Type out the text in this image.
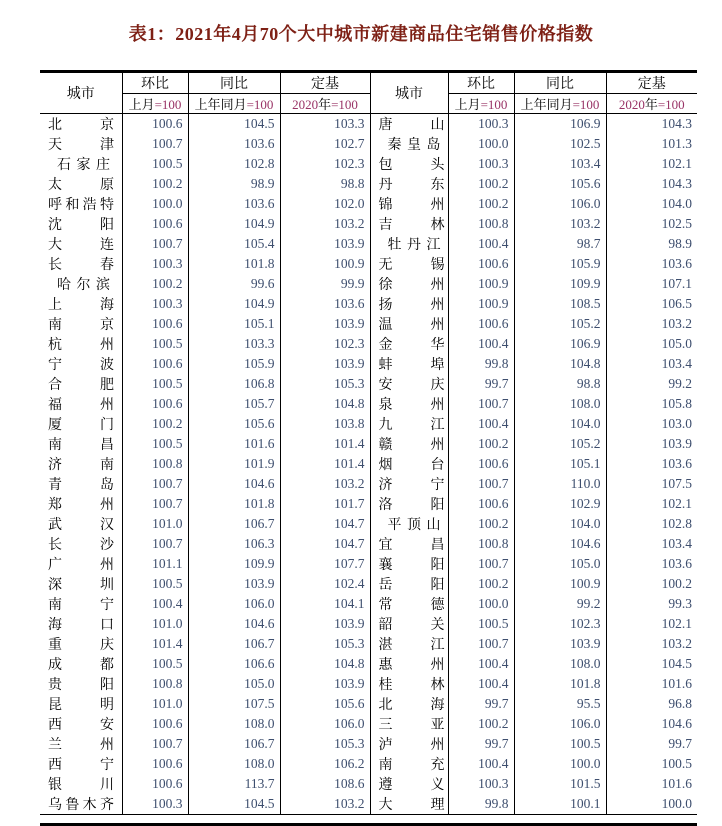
表1：2021年4月70个大中城市新建商品住宅销售价格指数
城市	环比	同比	定基	城市	环比	同比	定基
	上月=100	上年同月=100	2020年=100		上月=100	上年同月=100	2020年=100
北京	100.6	104.5	103.3	唐山	100.3	106.9	104.3
天津	100.7	103.6	102.7	秦皇岛	100.0	102.5	101.3
石家庄	100.5	102.8	102.3	包头	100.3	103.4	102.1
太原	100.2	98.9	98.8	丹东	100.2	105.6	104.3
呼和浩特	100.0	103.6	102.0	锦州	100.2	106.0	104.0
沈阳	100.6	104.9	103.2	吉林	100.8	103.2	102.5
大连	100.7	105.4	103.9	牡丹江	100.4	98.7	98.9
长春	100.3	101.8	100.9	无锡	100.6	105.9	103.6
哈尔滨	100.2	99.6	99.9	徐州	100.9	109.9	107.1
上海	100.3	104.9	103.6	扬州	100.9	108.5	106.5
南京	100.6	105.1	103.9	温州	100.6	105.2	103.2
杭州	100.5	103.3	102.3	金华	100.4	106.9	105.0
宁波	100.6	105.9	103.9	蚌埠	99.8	104.8	103.4
合肥	100.5	106.8	105.3	安庆	99.7	98.8	99.2
福州	100.6	105.7	104.8	泉州	100.7	108.0	105.8
厦门	100.2	105.6	103.8	九江	100.4	104.0	103.0
南昌	100.5	101.6	101.4	赣州	100.2	105.2	103.9
济南	100.8	101.9	101.4	烟台	100.6	105.1	103.6
青岛	100.7	104.6	103.2	济宁	100.7	110.0	107.5
郑州	100.7	101.8	101.7	洛阳	100.6	102.9	102.1
武汉	101.0	106.7	104.7	平顶山	100.2	104.0	102.8
长沙	100.7	106.3	104.7	宜昌	100.8	104.6	103.4
广州	101.1	109.9	107.7	襄阳	100.7	105.0	103.6
深圳	100.5	103.9	102.4	岳阳	100.2	100.9	100.2
南宁	100.4	106.0	104.1	常德	100.0	99.2	99.3
海口	101.0	104.6	103.9	韶关	100.5	102.3	102.1
重庆	101.4	106.7	105.3	湛江	100.7	103.9	103.2
成都	100.5	106.6	104.8	惠州	100.4	108.0	104.5
贵阳	100.8	105.0	103.9	桂林	100.4	101.8	101.6
昆明	101.0	107.5	105.6	北海	99.7	95.5	96.8
西安	100.6	108.0	106.0	三亚	100.2	106.0	104.6
兰州	100.7	106.7	105.3	泸州	99.7	100.5	99.7
西宁	100.6	108.0	106.2	南充	100.4	100.0	100.5
银川	100.6	113.7	108.6	遵义	100.3	101.5	101.6
乌鲁木齐	100.3	104.5	103.2	大理	99.8	100.1	100.0
